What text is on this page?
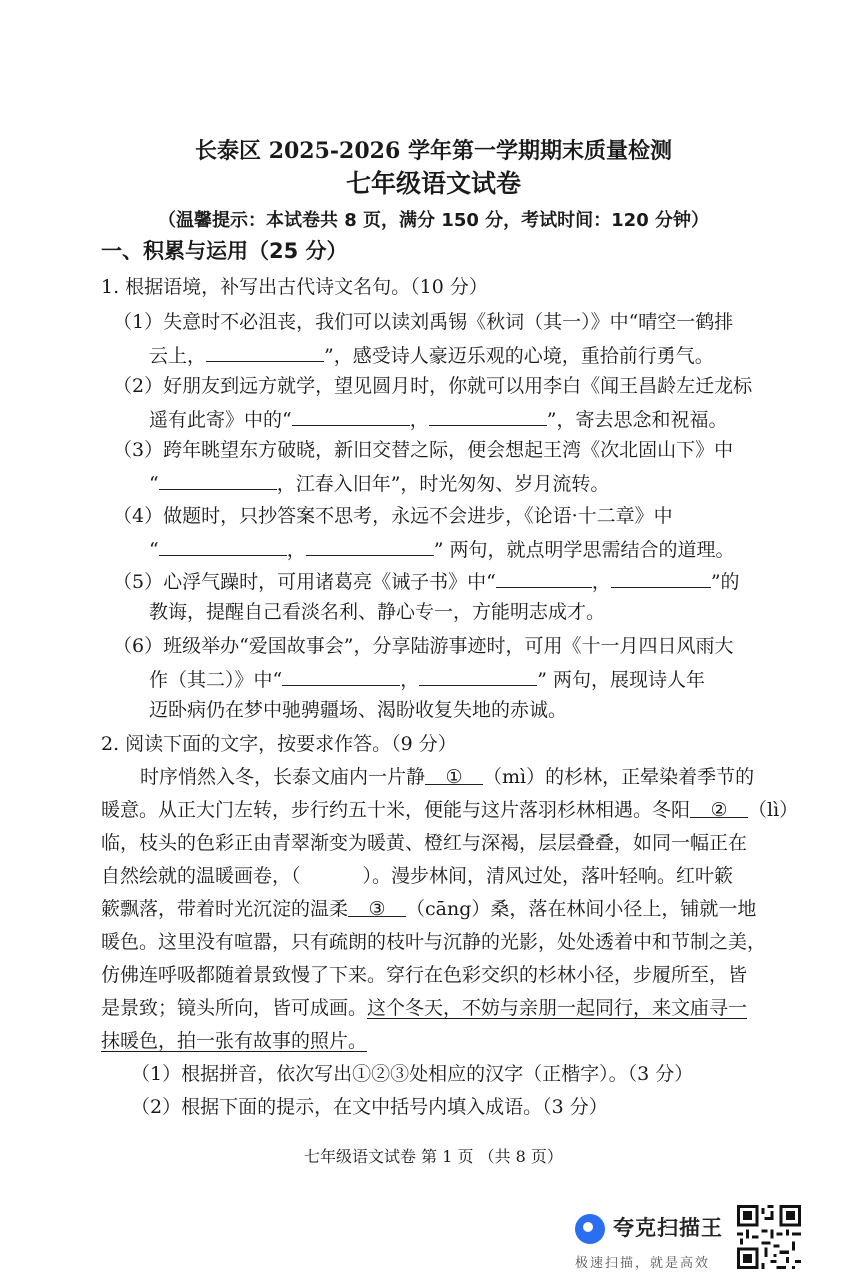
长泰区 2025-2026 学年第一学期期末质量检测
七年级语文试卷
（温馨提示：本试卷共 8 页，满分 150 分，考试时间：120 分钟）
一、积累与运用（25 分）
1. 根据语境，补写出古代诗文名句。（10 分）
（1）失意时不必沮丧，我们可以读刘禹锡《秋词（其一）》中“晴空一鹤排
云上，	”，感受诗人豪迈乐观的心境，重拾前行勇气。
（2）好朋友到远方就学，望见圆月时，你就可以用李白《闻王昌龄左迁龙标
遥有此寄》中的“	，	”，寄去思念和祝福。
（3）跨年眺望东方破晓，新旧交替之际，便会想起王湾《次北固山下》中
“	，江春入旧年”，时光匆匆、岁月流转。
（4）做题时，只抄答案不思考，永远不会进步，《论语·十二章》中
“	，	” 两句，就点明学思需结合的道理。
（5）心浮气躁时，可用诸葛亮《诫子书》中“	，	”的
教诲，提醒自己看淡名利、静心专一，方能明志成才。
（6）班级举办“爱国故事会”，分享陆游事迹时，可用《十一月四日风雨大
作（其二）》中“	，	” 两句，展现诗人年
迈卧病仍在梦中驰骋疆场、渴盼收复失地的赤诚。
2. 阅读下面的文字，按要求作答。（9 分）
时序悄然入冬，长泰文庙内一片静 ① （mì）的杉林，正晕染着季节的
暖意。从正大门左转，步行约五十米，便能与这片落羽杉林相遇。冬阳 ② （lì）
临，枝头的色彩正由青翠渐变为暖黄、橙红与深褐，层层叠叠，如同一幅正在
自然绘就的温暖画卷，（	）。漫步林间，清风过处，落叶轻响。红叶簌
簌飘落，带着时光沉淀的温柔 ③ （cāng）桑，落在林间小径上，铺就一地
暖色。这里没有喧嚣，只有疏朗的枝叶与沉静的光影，处处透着中和节制之美，
仿佛连呼吸都随着景致慢了下来。穿行在色彩交织的杉林小径，步履所至，皆
是景致；镜头所向，皆可成画。这个冬天，不妨与亲朋一起同行，来文庙寻一
抹暖色，拍一张有故事的照片。
（1）根据拼音，依次写出①②③处相应的汉字（正楷字）。（3 分）
（2）根据下面的提示，在文中括号内填入成语。（3 分）
七年级语文试卷 第 1 页 （共 8 页）
夸克扫描王
极速扫描，就是高效
